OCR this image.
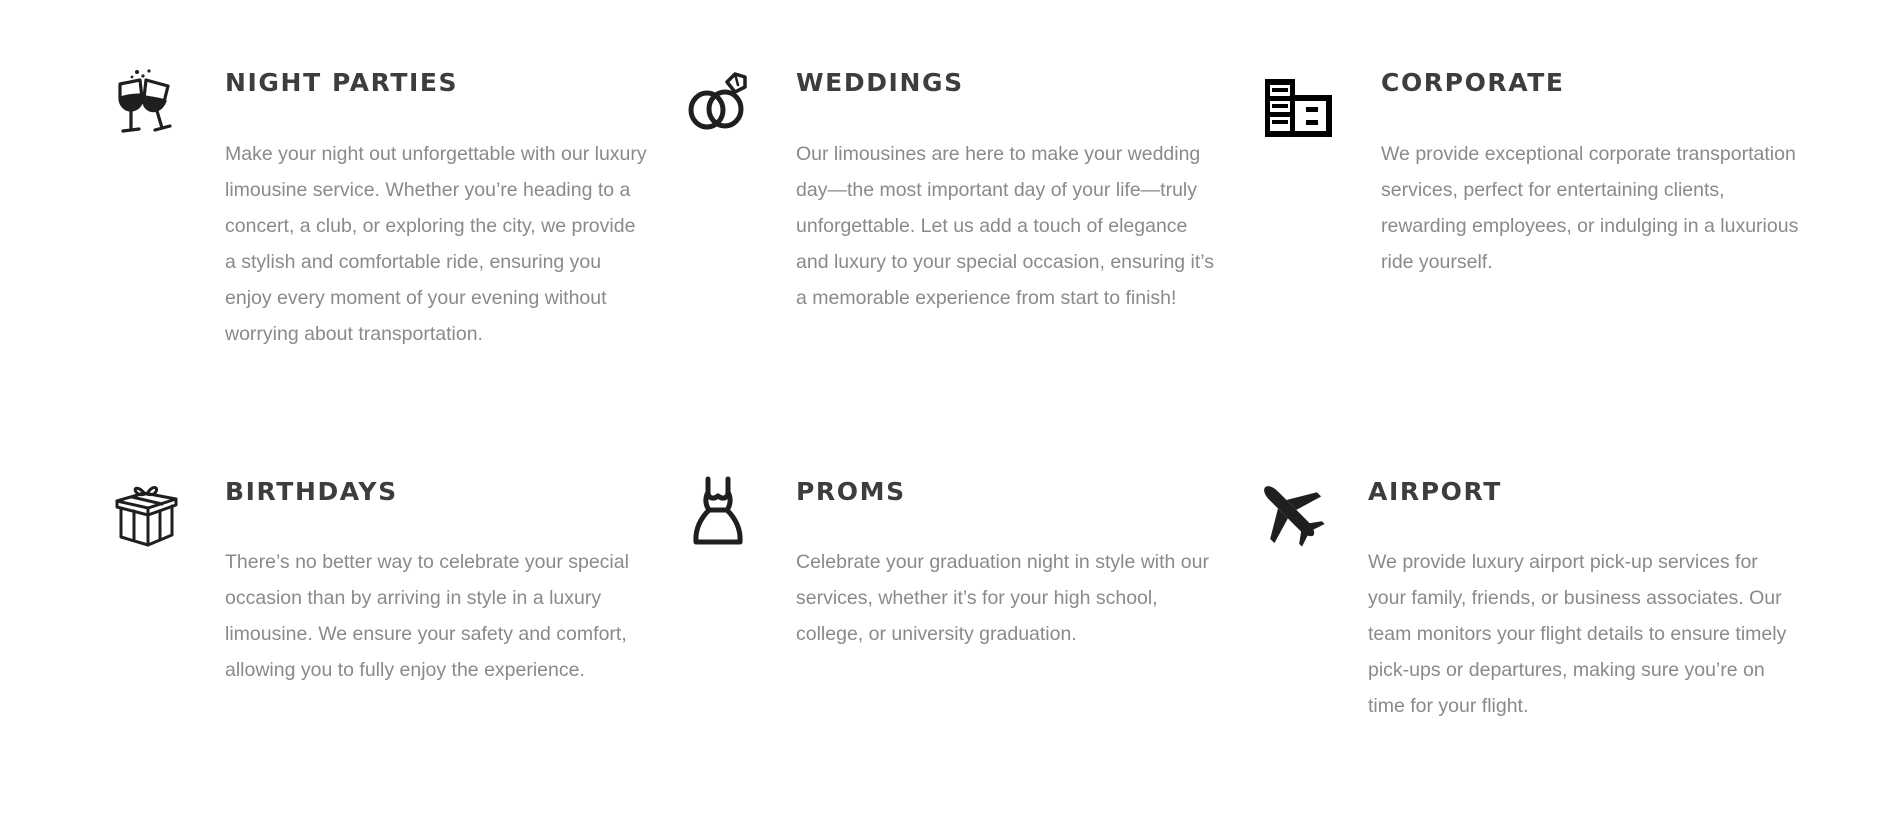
NIGHT PARTIES

Make your night out unforgettable with our luxury limousine service. Whether you’re heading to a concert, a club, or exploring the city, we provide a stylish and comfortable ride, ensuring you enjoy every moment of your evening without worrying about transportation.

WEDDINGS

Our limousines are here to make your wedding day—the most important day of your life—truly unforgettable. Let us add a touch of elegance and luxury to your special occasion, ensuring it’s a memorable experience from start to finish!

CORPORATE

We provide exceptional corporate transportation services, perfect for entertaining clients, rewarding employees, or indulging in a luxurious ride yourself.

BIRTHDAYS

There’s no better way to celebrate your special occasion than by arriving in style in a luxury limousine. We ensure your safety and comfort, allowing you to fully enjoy the experience.

PROMS

Celebrate your graduation night in style with our services, whether it’s for your high school, college, or university graduation.

AIRPORT

We provide luxury airport pick-up services for your family, friends, or business associates. Our team monitors your flight details to ensure timely pick-ups or departures, making sure you’re on time for your flight.
